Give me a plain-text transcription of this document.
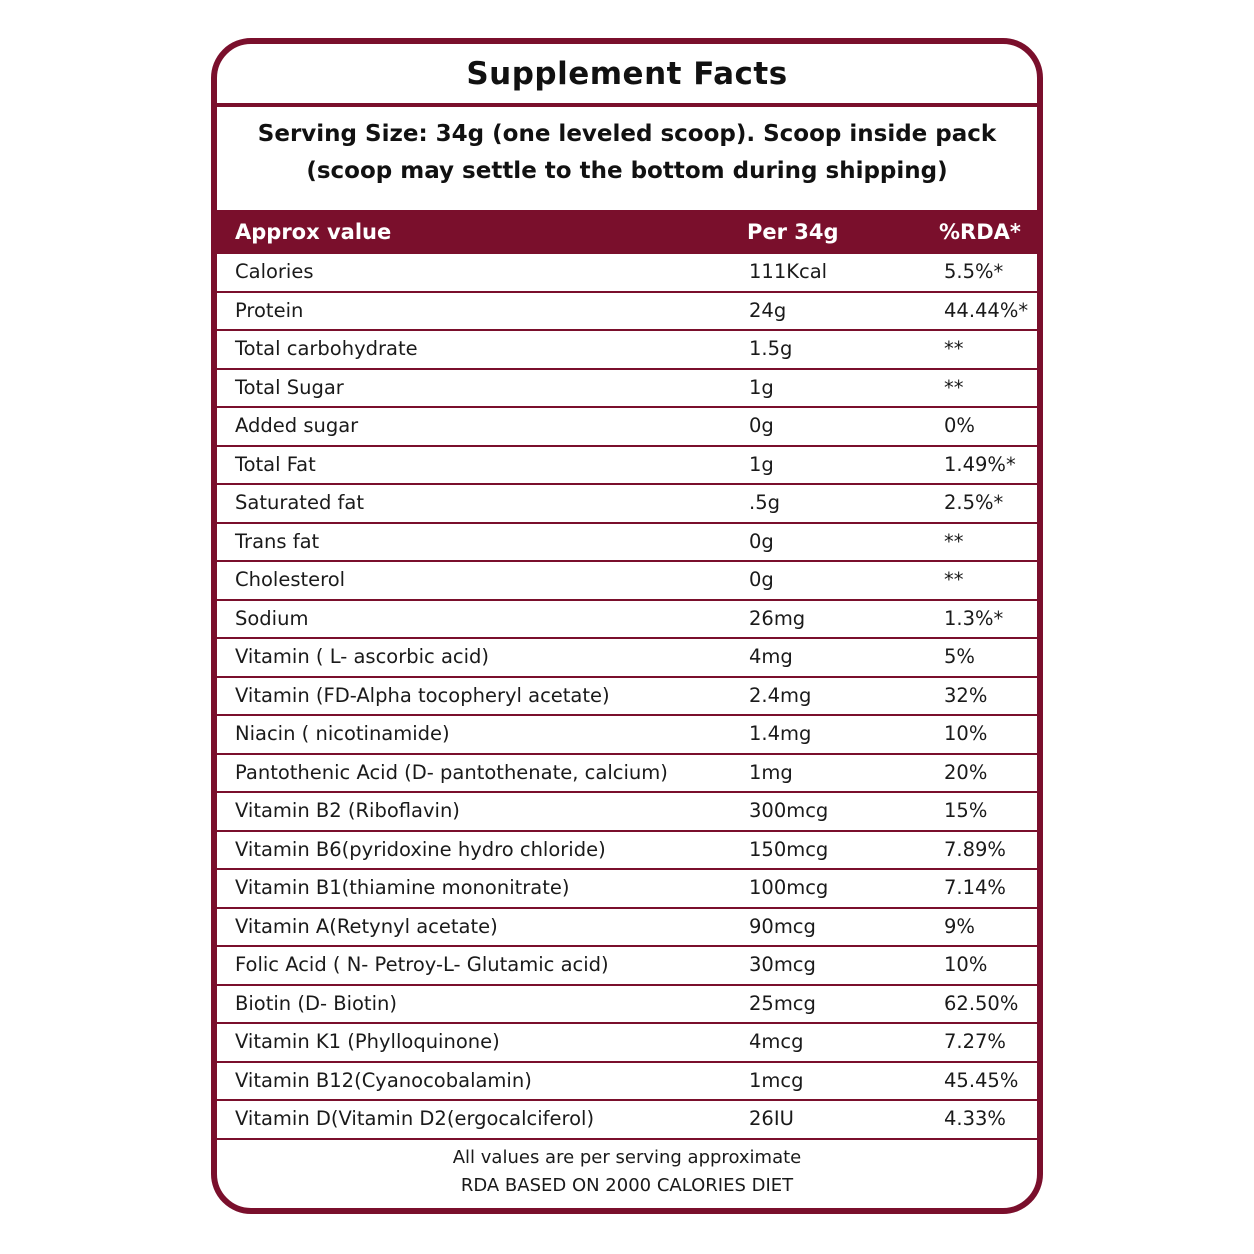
Supplement Facts
Serving Size: 34g (one leveled scoop). Scoop inside pack
(scoop may settle to the bottom during shipping)
Approx value	Per 34g	%RDA*
Calories	111Kcal	5.5%*
Protein	24g	44.44%*
Total carbohydrate	1.5g	**
Total Sugar	1g	**
Added sugar	0g	0%
Total Fat	1g	1.49%*
Saturated fat	.5g	2.5%*
Trans fat	0g	**
Cholesterol	0g	**
Sodium	26mg	1.3%*
Vitamin ( L- ascorbic acid)	4mg	5%
Vitamin (FD-Alpha tocopheryl acetate)	2.4mg	32%
Niacin ( nicotinamide)	1.4mg	10%
Pantothenic Acid (D- pantothenate, calcium)	1mg	20%
Vitamin B2 (Riboflavin)	300mcg	15%
Vitamin B6(pyridoxine hydro chloride)	150mcg	7.89%
Vitamin B1(thiamine mononitrate)	100mcg	7.14%
Vitamin A(Retynyl acetate)	90mcg	9%
Folic Acid ( N- Petroy-L- Glutamic acid)	30mcg	10%
Biotin (D- Biotin)	25mcg	62.50%
Vitamin K1 (Phylloquinone)	4mcg	7.27%
Vitamin B12(Cyanocobalamin)	1mcg	45.45%
Vitamin D(Vitamin D2(ergocalciferol)	26IU	4.33%
All values are per serving approximate
RDA BASED ON 2000 CALORIES DIET
